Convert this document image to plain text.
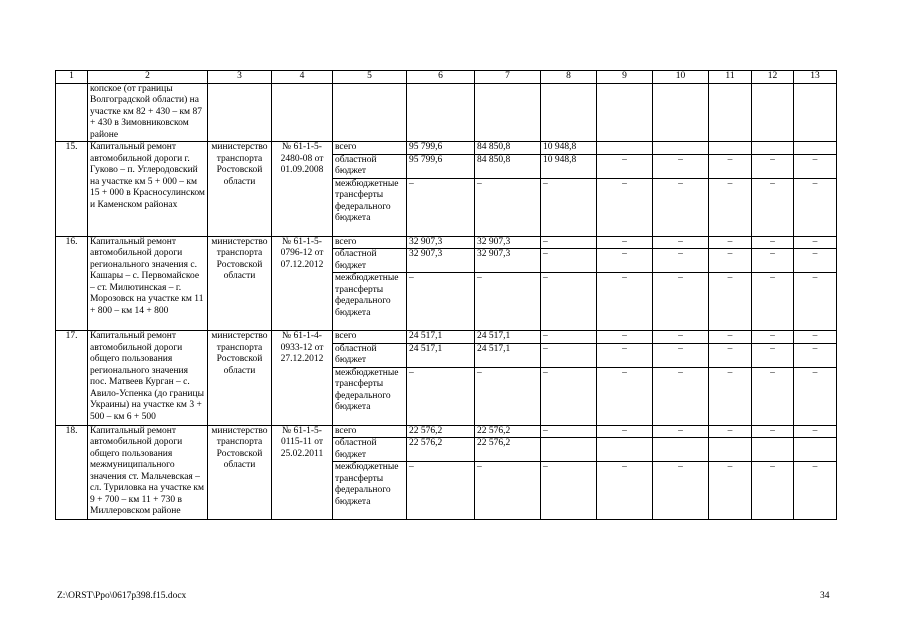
1	2	3	4	5	6	7	8	9	10	11	12	13
	копское (от границы Волгоградской области) на участке км 82 + 430 – км 87 + 430 в Зимовниковском районе											
15.	Капитальный ремонт автомобильной дороги г. Гуково – п. Углеродовский на участке км 5 + 000 – км 15 + 000 в Красносулинском и Каменском районах	министерство транспорта Ростовской области	№ 61-1-5-2480-08 от 01.09.2008	всего	95 799,6	84 850,8	10 948,8					
				областной бюджет	95 799,6	84 850,8	10 948,8	–	–	–	–	–
				межбюджетные трансферты федерального бюджета	–	–	–	–	–	–	–	–
16.	Капитальный ремонт автомобильной дороги регионального значения с. Кашары – с. Первомайское – ст. Милютинская – г. Морозовск на участке км 11 + 800 – км 14 + 800	министерство транспорта Ростовской области	№ 61-1-5-0796-12 от 07.12.2012	всего	32 907,3	32 907,3	–	–	–	–	–	–
				областной бюджет	32 907,3	32 907,3	–	–	–	–	–	–
				межбюджетные трансферты федерального бюджета	–	–	–	–	–	–	–	–
17.	Капитальный ремонт автомобильной дороги общего пользования регионального значения пос. Матвеев Курган – с. Авило-Успенка (до границы Украины) на участке км 3 + 500 – км 6 + 500	министерство транспорта Ростовской области	№ 61-1-4-0933-12 от 27.12.2012	всего	24 517,1	24 517,1	–	–	–	–	–	–
				областной бюджет	24 517,1	24 517,1	–	–	–	–	–	–
				межбюджетные трансферты федерального бюджета	–	–	–	–	–	–	–	–
18.	Капитальный ремонт автомобильной дороги общего пользования межмуниципального значения ст. Мальчевская – сл. Туриловка на участке км 9 + 700 – км 11 + 730 в Миллеровском районе	министерство транспорта Ростовской области	№ 61-1-5-0115-11 от 25.02.2011	всего	22 576,2	22 576,2	–	–	–	–	–	–
				областной бюджет	22 576,2	22 576,2						
				межбюджетные трансферты федерального бюджета	–	–	–	–	–	–	–	–
Z:\ORST\Ppo\0617p398.f15.docx	34
